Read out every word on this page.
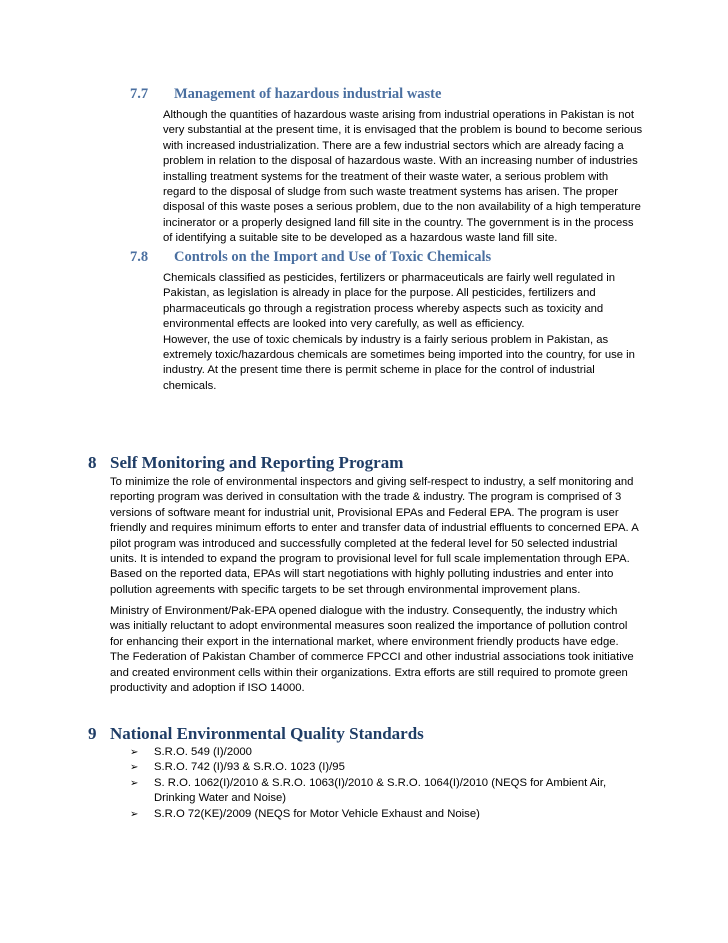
7.7 Management of hazardous industrial waste
Although the quantities of hazardous waste arising from industrial operations in Pakistan is not
very substantial at the present time, it is envisaged that the problem is bound to become serious
with increased industrialization. There are a few industrial sectors which are already facing a
problem in relation to the disposal of hazardous waste. With an increasing number of industries
installing treatment systems for the treatment of their waste water, a serious problem with
regard to the disposal of sludge from such waste treatment systems has arisen. The proper
disposal of this waste poses a serious problem, due to the non availability of a high temperature
incinerator or a properly designed land fill site in the country. The government is in the process
of identifying a suitable site to be developed as a hazardous waste land fill site.
7.8 Controls on the Import and Use of Toxic Chemicals
Chemicals classified as pesticides, fertilizers or pharmaceuticals are fairly well regulated in
Pakistan, as legislation is already in place for the purpose. All pesticides, fertilizers and
pharmaceuticals go through a registration process whereby aspects such as toxicity and
environmental effects are looked into very carefully, as well as efficiency.
However, the use of toxic chemicals by industry is a fairly serious problem in Pakistan, as
extremely toxic/hazardous chemicals are sometimes being imported into the country, for use in
industry. At the present time there is permit scheme in place for the control of industrial
chemicals.
8 Self Monitoring and Reporting Program
To minimize the role of environmental inspectors and giving self-respect to industry, a self monitoring and
reporting program was derived in consultation with the trade & industry. The program is comprised of 3
versions of software meant for industrial unit, Provisional EPAs and Federal EPA. The program is user
friendly and requires minimum efforts to enter and transfer data of industrial effluents to concerned EPA. A
pilot program was introduced and successfully completed at the federal level for 50 selected industrial
units. It is intended to expand the program to provisional level for full scale implementation through EPA.
Based on the reported data, EPAs will start negotiations with highly polluting industries and enter into
pollution agreements with specific targets to be set through environmental improvement plans.
Ministry of Environment/Pak-EPA opened dialogue with the industry. Consequently, the industry which
was initially reluctant to adopt environmental measures soon realized the importance of pollution control
for enhancing their export in the international market, where environment friendly products have edge.
The Federation of Pakistan Chamber of commerce FPCCI and other industrial associations took initiative
and created environment cells within their organizations. Extra efforts are still required to promote green
productivity and adoption if ISO 14000.
9 National Environmental Quality Standards
➢ S.R.O. 549 (I)/2000
➢ S.R.O. 742 (I)/93 & S.R.O. 1023 (I)/95
➢ S. R.O. 1062(I)/2010 & S.R.O. 1063(I)/2010 & S.R.O. 1064(I)/2010 (NEQS for Ambient Air,
Drinking Water and Noise)
➢ S.R.O 72(KE)/2009 (NEQS for Motor Vehicle Exhaust and Noise)
